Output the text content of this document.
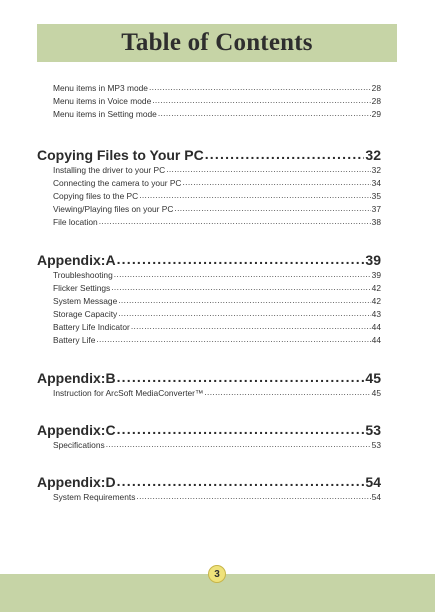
Table of Contents
Menu items in MP3 mode .....	28
Menu items in Voice mode .....	28
Menu items in Setting mode .....	29
Copying Files to Your PC .....	32
Installing the driver to your PC .....	32
Connecting the camera to your PC .....	34
Copying files to the PC .....	35
Viewing/Playing files on your PC .....	37
File location .....	38
Appendix:A .....	39
Troubleshooting .....	39
Flicker Settings .....	42
System Message .....	42
Storage Capacity .....	43
Battery Life Indicator .....	44
Battery Life .....	44
Appendix:B .....	45
Instruction for ArcSoft MediaConverter™ .....	45
Appendix:C .....	53
Specifications .....	53
Appendix:D .....	54
System Requirements .....	54
3
